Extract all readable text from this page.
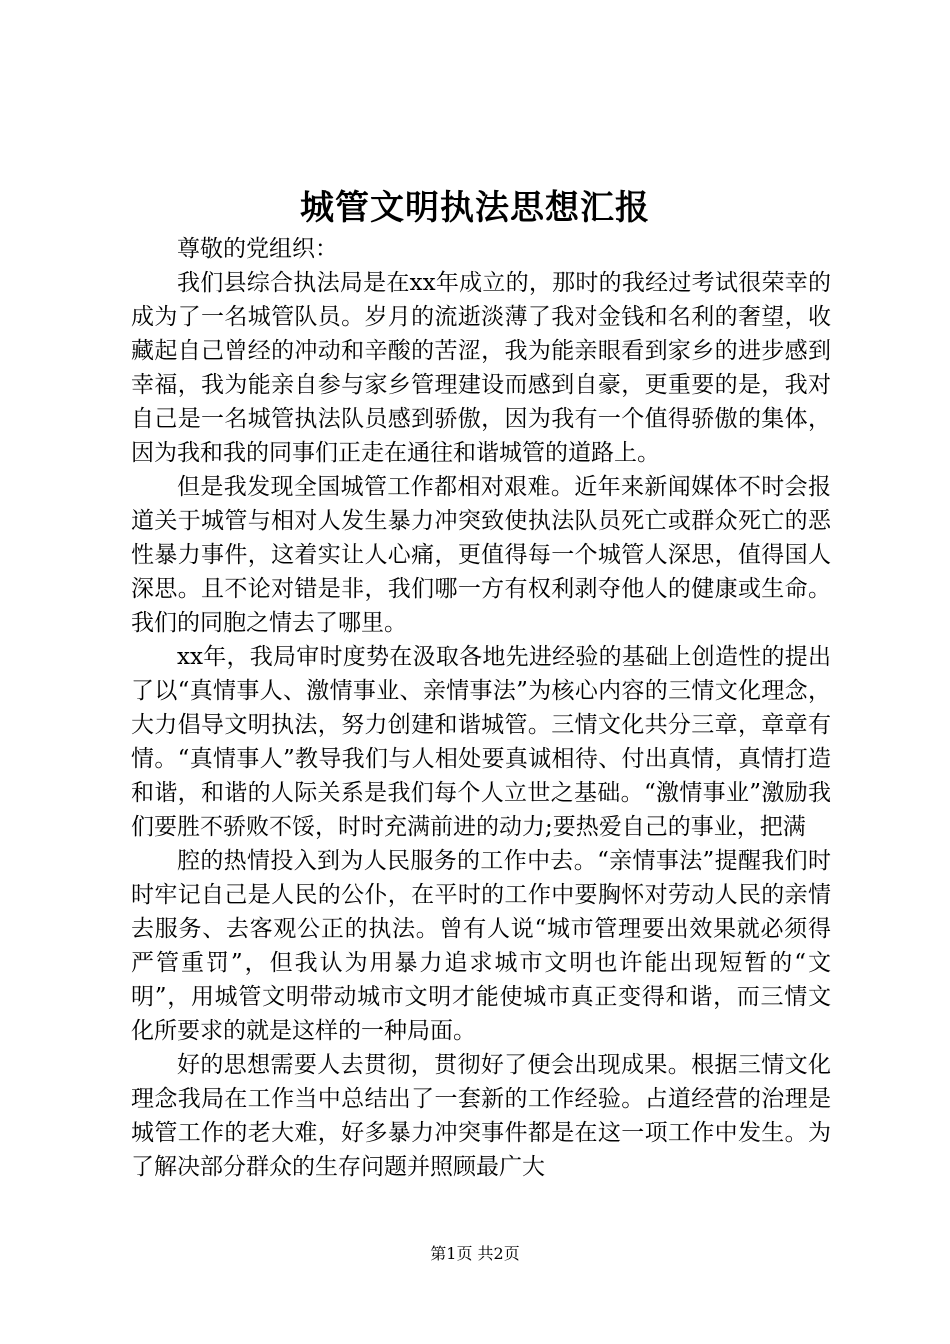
城管文明执法思想汇报

尊敬的党组织：

我们县综合执法局是在xx年成立的，那时的我经过考试很荣幸的成为了一名城管队员。岁月的流逝淡薄了我对金钱和名利的奢望，收藏起自己曾经的冲动和辛酸的苦涩，我为能亲眼看到家乡的进步感到幸福，我为能亲自参与家乡管理建设而感到自豪，更重要的是，我对自己是一名城管执法队员感到骄傲，因为我有一个值得骄傲的集体，因为我和我的同事们正走在通往和谐城管的道路上。

但是我发现全国城管工作都相对艰难。近年来新闻媒体不时会报道关于城管与相对人发生暴力冲突致使执法队员死亡或群众死亡的恶性暴力事件，这着实让人心痛，更值得每一个城管人深思，值得国人深思。且不论对错是非，我们哪一方有权利剥夺他人的健康或生命。我们的同胞之情去了哪里。

xx年，我局审时度势在汲取各地先进经验的基础上创造性的提出了以“真情事人、激情事业、亲情事法”为核心内容的三情文化理念，大力倡导文明执法，努力创建和谐城管。三情文化共分三章，章章有情。“真情事人”教导我们与人相处要真诚相待、付出真情，真情打造和谐，和谐的人际关系是我们每个人立世之基础。“激情事业”激励我们要胜不骄败不馁，时时充满前进的动力;要热爱自己的事业，把满

腔的热情投入到为人民服务的工作中去。“亲情事法”提醒我们时时牢记自己是人民的公仆，在平时的工作中要胸怀对劳动人民的亲情去服务、去客观公正的执法。曾有人说“城市管理要出效果就必须得严管重罚”，但我认为用暴力追求城市文明也许能出现短暂的“文明”，用城管文明带动城市文明才能使城市真正变得和谐，而三情文化所要求的就是这样的一种局面。

好的思想需要人去贯彻，贯彻好了便会出现成果。根据三情文化理念我局在工作当中总结出了一套新的工作经验。占道经营的治理是城管工作的老大难，好多暴力冲突事件都是在这一项工作中发生。为了解决部分群众的生存问题并照顾最广大

第1页 共2页
